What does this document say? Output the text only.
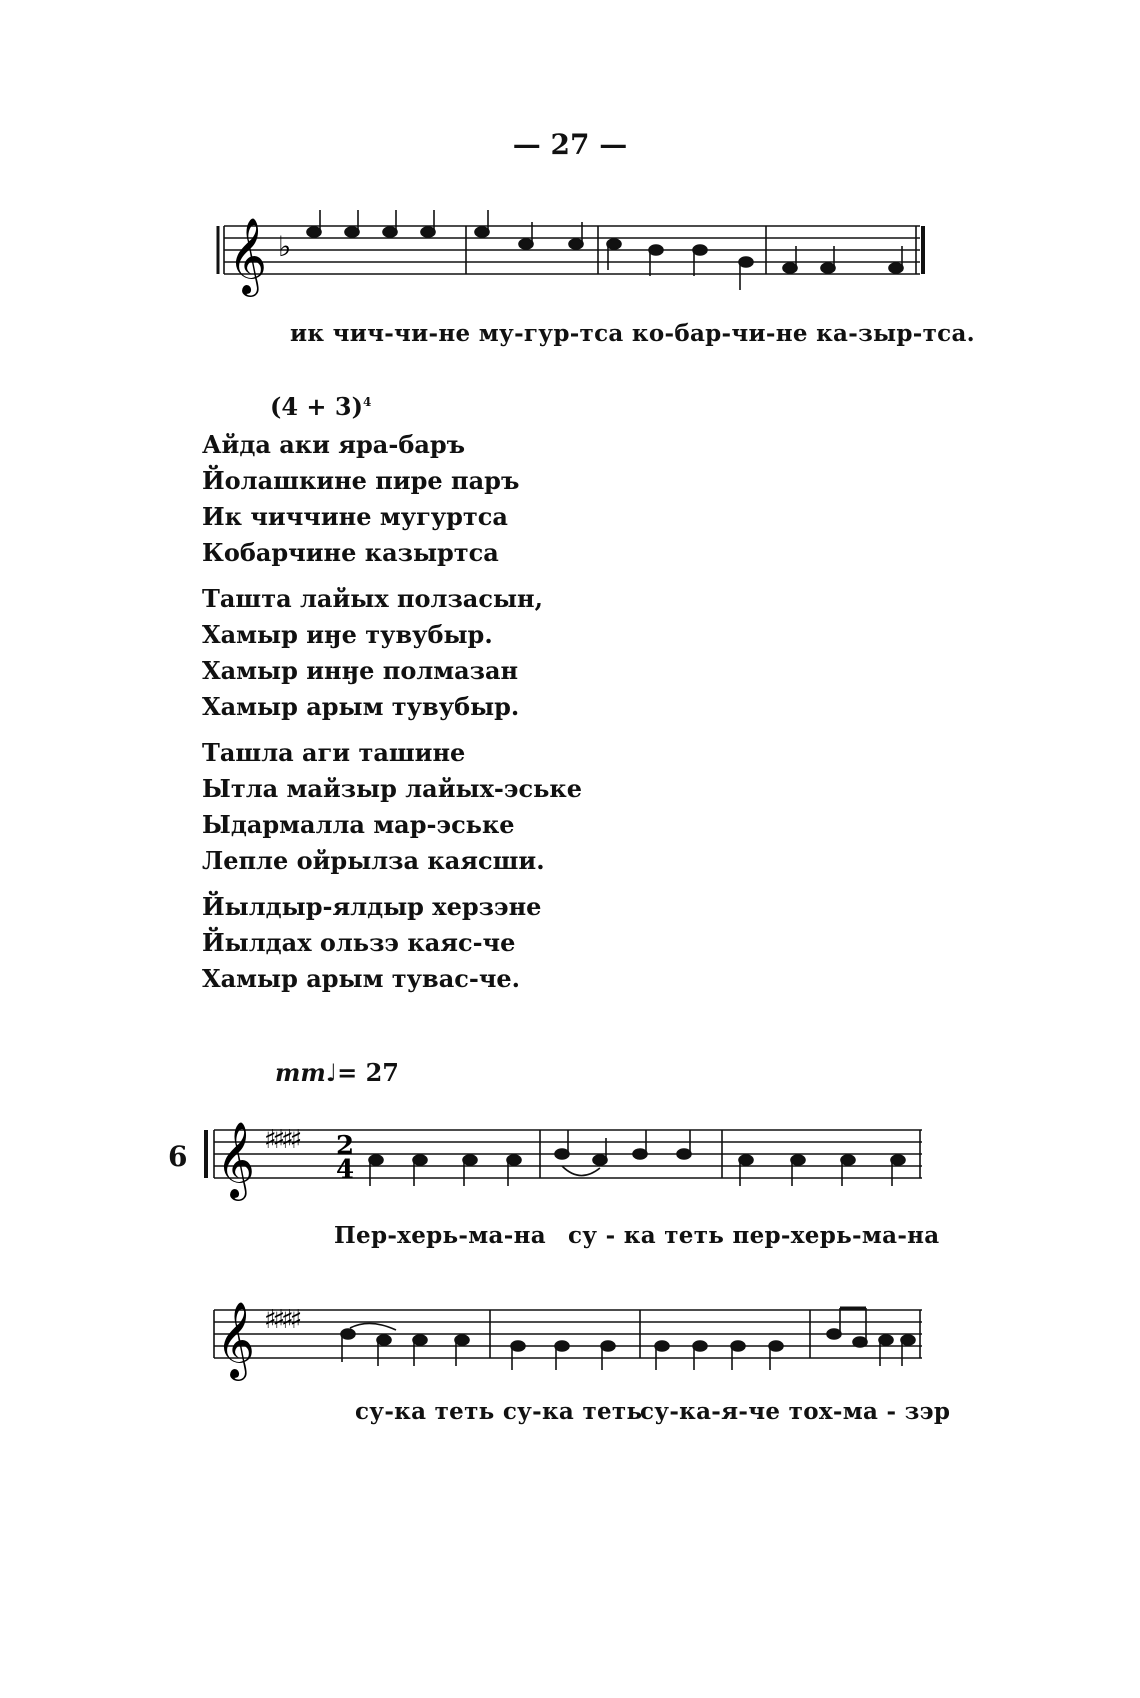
— 27 —
𝄞 ♭
ик чич-чи-не му-гур-тса ко-бар-чи-не ка-зыр-тса.
$(4 + 3)^4$
Айда аки яра-баръ
Йолашкине пире паръ
Ик чиччине мугуртса
Кобарчине казыртса
Ташта лайых ползасын,
Хамыр иӈе тувубыр.
Хамыр инӈе полмазан
Хамыр арым тувубыр.
Ташла аги ташине
Ытла майзыр лайых-эське
Ыдармалла мар-эське
Лепле ойрылза каясши.
Йылдыр-ялдыр херзэне
Йылдах ользэ каяс-че
Хамыр арым тувас-че.
mm♩= 27
6 𝄞 ♯♯♯♯ 2
4
Пер-херь-ма-на су - ка теть пер-херь-ма-на
𝄞 ♯♯♯♯
су-ка теть су-ка теть
су-ка-я-че тох-ма - зэр
